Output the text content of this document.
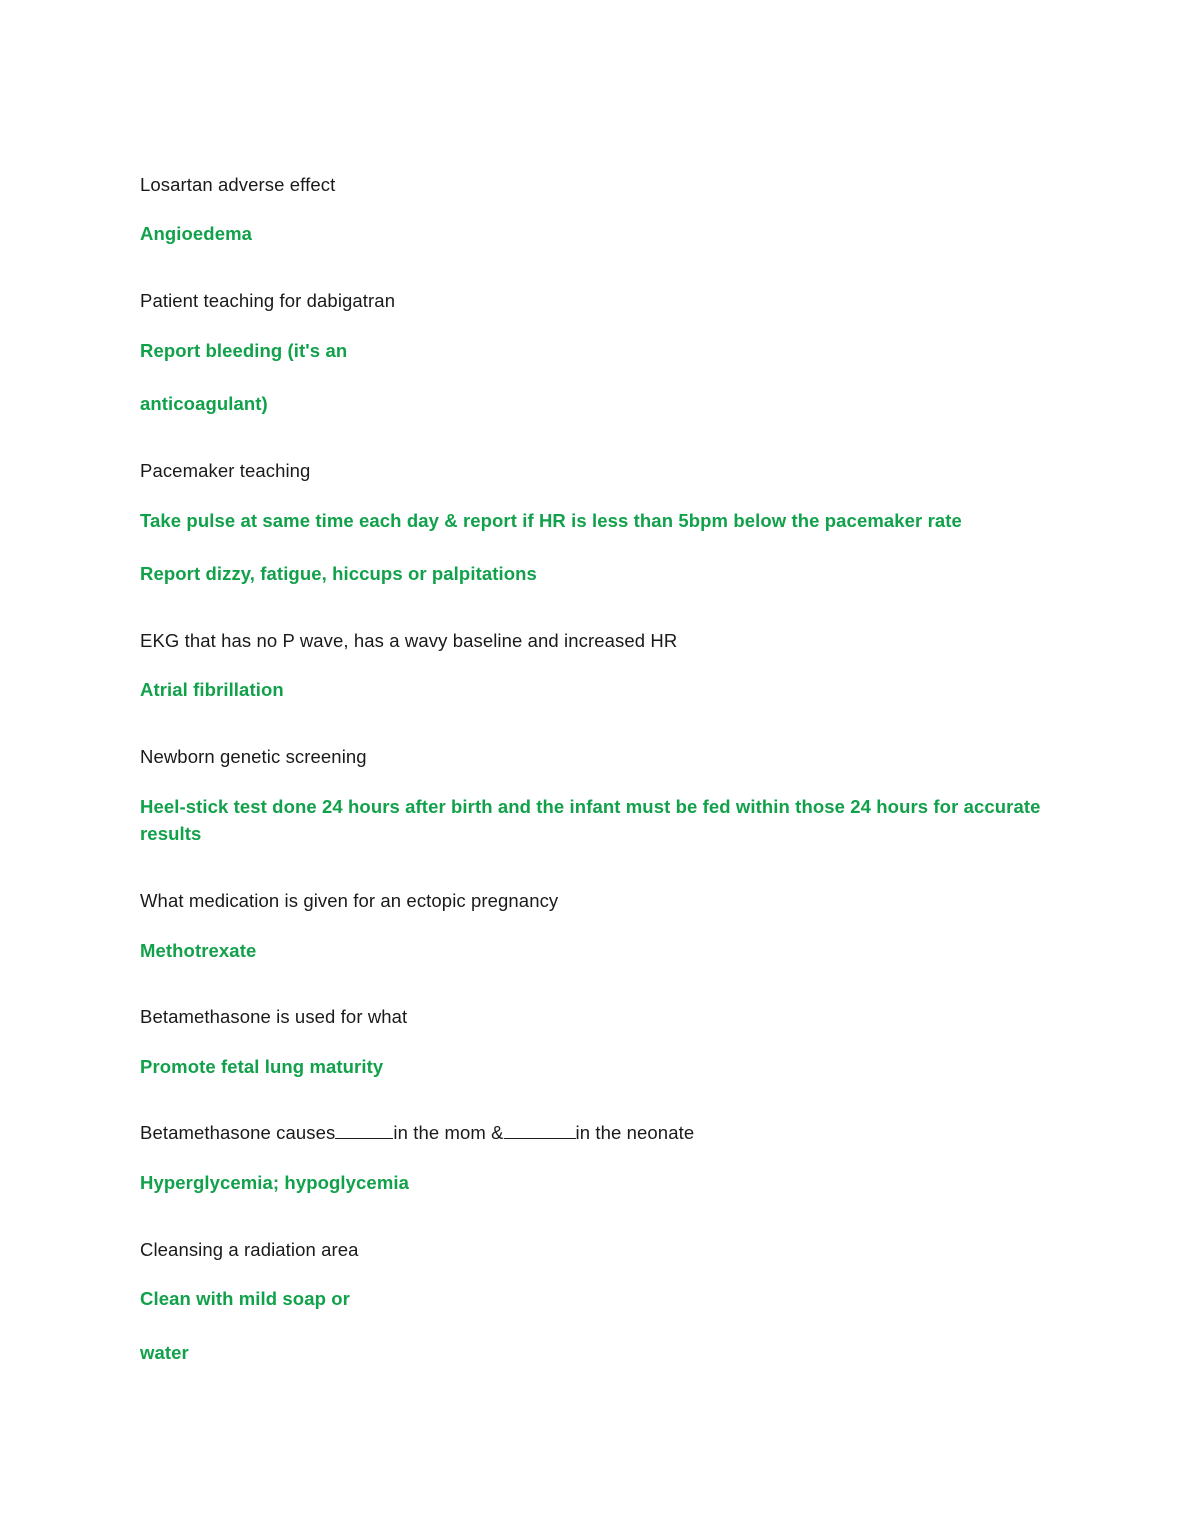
Losartan adverse effect

Angioedema

Patient teaching for dabigatran

Report bleeding (it's an
anticoagulant)

Pacemaker teaching

Take pulse at same time each day & report if HR is less than 5bpm below the pacemaker rate
Report dizzy, fatigue, hiccups or palpitations

EKG that has no P wave, has a wavy baseline and increased HR

Atrial fibrillation

Newborn genetic screening

Heel-stick test done 24 hours after birth and the infant must be fed within those 24 hours for accurate results

What medication is given for an ectopic pregnancy

Methotrexate

Betamethasone is used for what

Promote fetal lung maturity

Betamethasone causes	in the mom &	in the neonate

Hyperglycemia; hypoglycemia

Cleansing a radiation area

Clean with mild soap or
water
